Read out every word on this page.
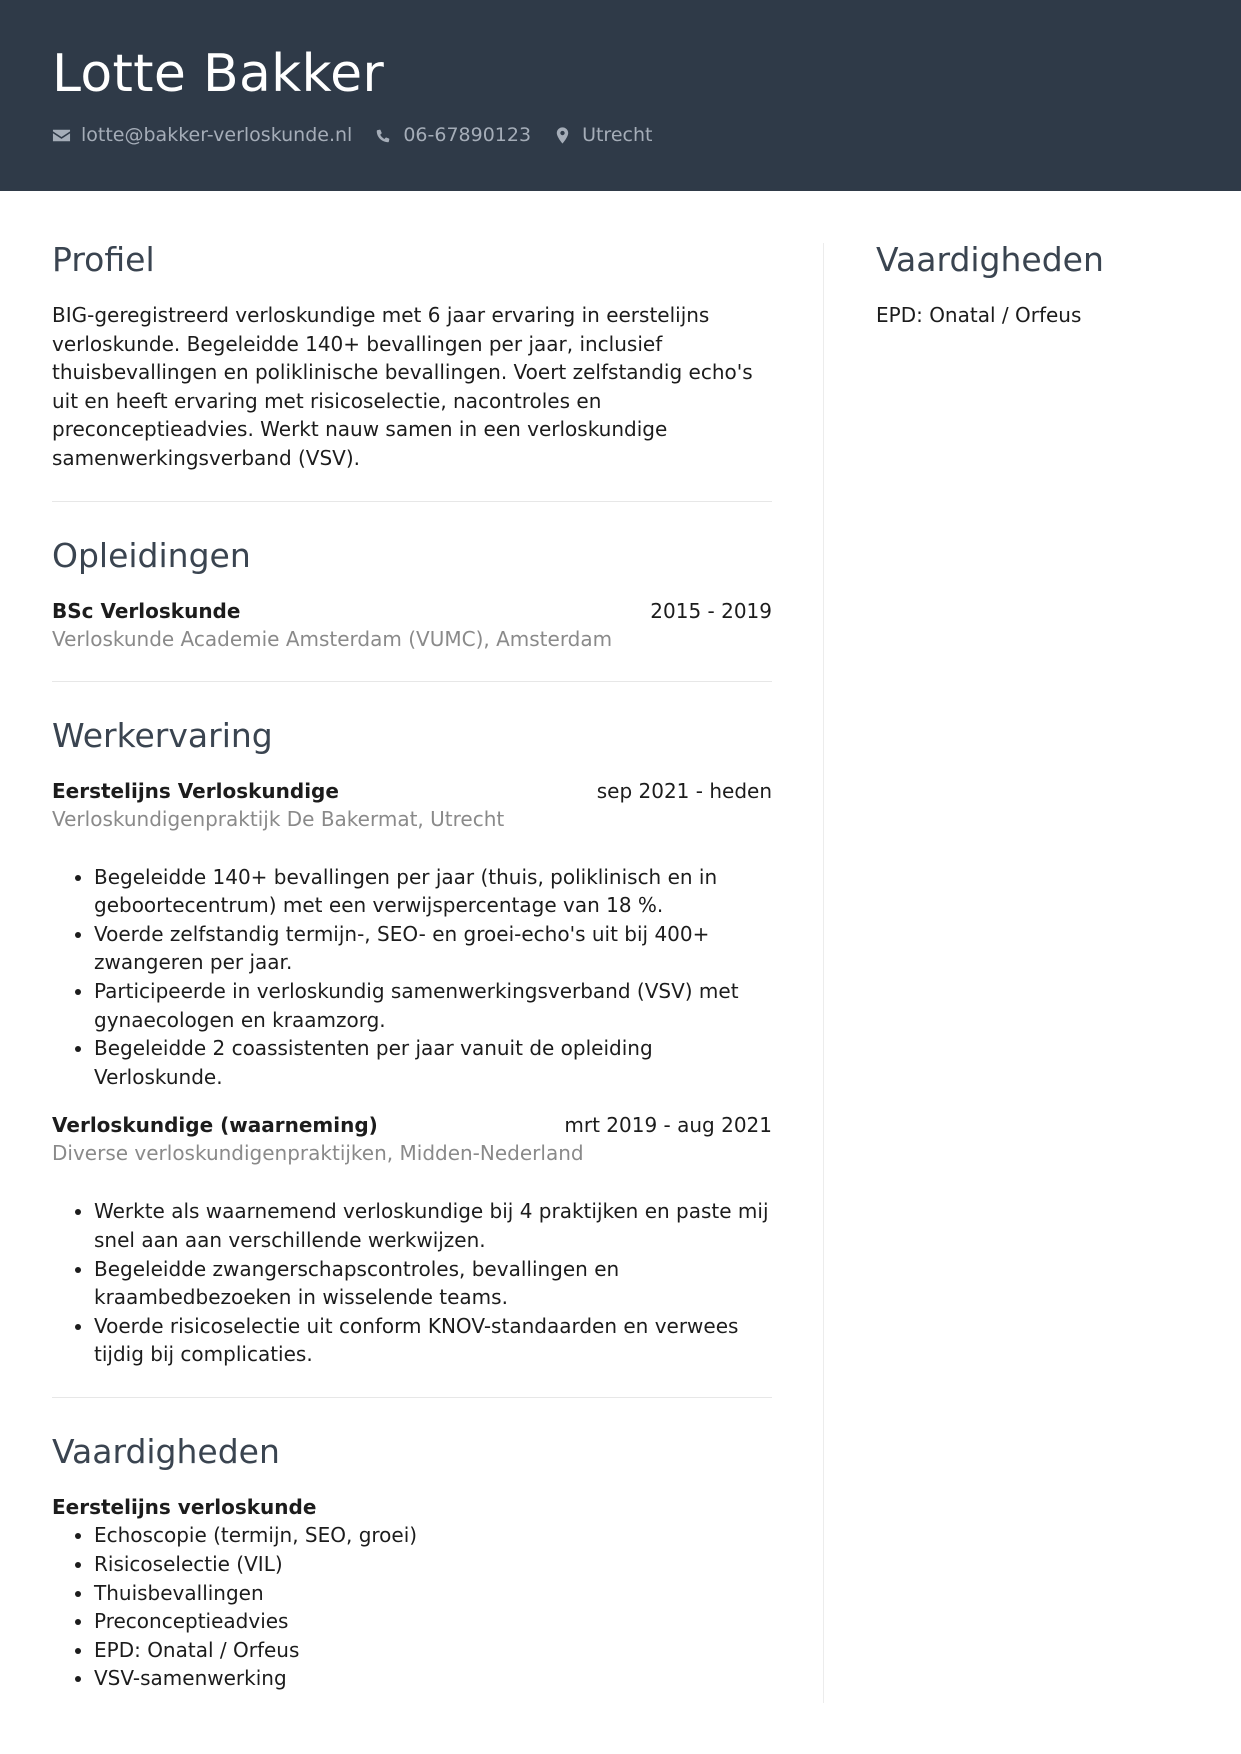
Lotte Bakker
lotte@bakker-verloskunde.nl	06-67890123	Utrecht
Profiel

BIG-geregistreerd verloskundige met 6 jaar ervaring in eerstelijns verloskunde. Begeleidde 140+ bevallingen per jaar, inclusief thuisbevallingen en poliklinische bevallingen. Voert zelfstandig echo's uit en heeft ervaring met risicoselectie, nacontroles en preconceptieadvies. Werkt nauw samen in een verloskundige samenwerkingsverband (VSV).

Opleidingen
BSc Verloskunde	2015 - 2019
Verloskunde Academie Amsterdam (VUMC), Amsterdam
Werkervaring
Eerstelijns Verloskundige	sep 2021 - heden
Verloskundigenpraktijk De Bakermat, Utrecht
• Begeleidde 140+ bevallingen per jaar (thuis, poliklinisch en in geboortecentrum) met een verwijspercentage van 18 %.
• Voerde zelfstandig termijn-, SEO- en groei-echo's uit bij 400+ zwangeren per jaar.
• Participeerde in verloskundig samenwerkingsverband (VSV) met gynaecologen en kraamzorg.
• Begeleidde 2 coassistenten per jaar vanuit de opleiding Verloskunde.
Verloskundige (waarneming)	mrt 2019 - aug 2021
Diverse verloskundigenpraktijken, Midden-Nederland
• Werkte als waarnemend verloskundige bij 4 praktijken en paste mij snel aan aan verschillende werkwijzen.
• Begeleidde zwangerschapscontroles, bevallingen en kraambedbezoeken in wisselende teams.
• Voerde risicoselectie uit conform KNOV-standaarden en verwees tijdig bij complicaties.
Vaardigheden
Eerstelijns verloskunde
• Echoscopie (termijn, SEO, groei)
• Risicoselectie (VIL)
• Thuisbevallingen
• Preconceptieadvies
• EPD: Onatal / Orfeus
• VSV-samenwerking
Vaardigheden
EPD: Onatal / Orfeus
